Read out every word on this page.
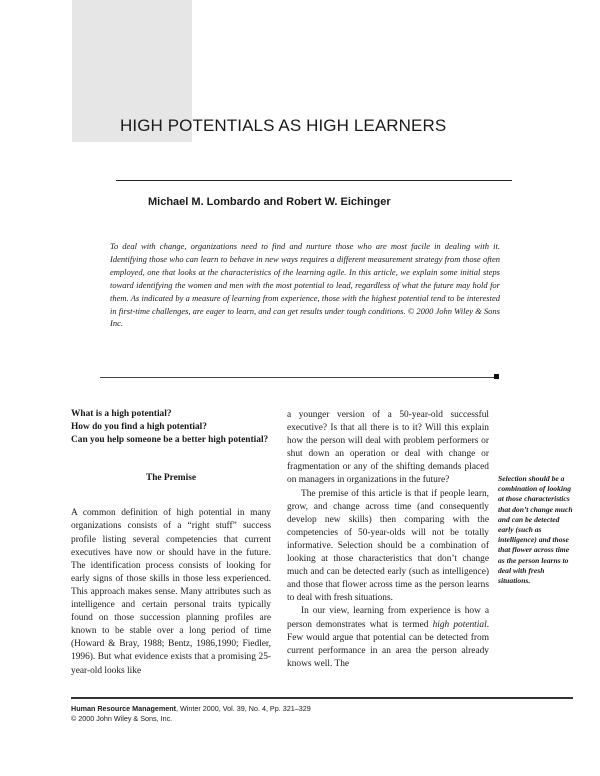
HIGH POTENTIALS AS HIGH LEARNERS
Michael M. Lombardo and Robert W. Eichinger
To deal with change, organizations need to find and nurture those who are most facile in dealing with it. Identifying those who can learn to behave in new ways requires a different measurement strategy from those often employed, one that looks at the characteristics of the learning agile. In this article, we explain some initial steps toward identifying the women and men with the most potential to lead, regardless of what the future may hold for them. As indicated by a measure of learning from experience, those with the highest potential tend to be interested in first-time challenges, are eager to learn, and can get results under tough conditions. © 2000 John Wiley & Sons Inc.

What is a high potential?
How do you find a high potential?
Can you help someone be a better high potential?

The Premise

A common definition of high potential in many organizations consists of a “right stuff” success profile listing several competencies that current executives have now or should have in the future. The identification process consists of looking for early signs of those skills in those less experienced. This approach makes sense. Many attributes such as intelligence and certain personal traits typically found on those succession planning profiles are known to be stable over a long period of time (Howard & Bray, 1988; Bentz, 1986,1990; Fiedler, 1996). But what evidence exists that a promising 25-year-old looks like

a younger version of a 50-year-old successful executive? Is that all there is to it? Will this explain how the person will deal with problem performers or shut down an operation or deal with change or fragmentation or any of the shifting demands placed on managers in organizations in the future?

The premise of this article is that if people learn, grow, and change across time (and consequently develop new skills) then comparing with the competencies of 50-year-olds will not be totally informative. Selection should be a combination of looking at those characteristics that don’t change much and can be detected early (such as intelligence) and those that flower across time as the person learns to deal with fresh situations.

In our view, learning from experience is how a person demonstrates what is termed high potential. Few would argue that potential can be detected from current performance in an area the person already knows well. The

Selection should be a combination of looking at those characteristics that don’t change much and can be detected early (such as intelligence) and those that flower across time as the person learns to deal with fresh situations.
Human Resource Management, Winter 2000, Vol. 39, No. 4, Pp. 321–329
© 2000 John Wiley & Sons, Inc.
